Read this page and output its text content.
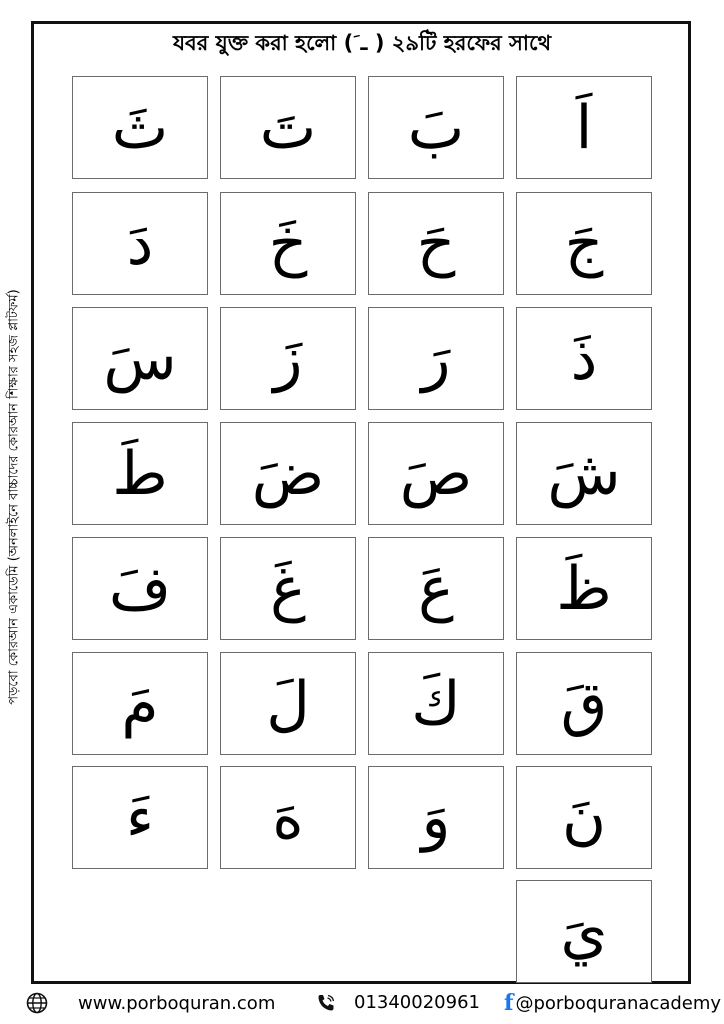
যবর যুক্ত করা হলো ( َـ ) ২৯টি হরফের সাথে
পড়বো কোরআন একাডেমি (অনলাইনে বাচ্চাদের কোরআন শিক্ষার সহজ প্লাটফর্ম)
ثَ تَ بَ اَ
دَ خَ حَ جَ
سَ زَ رَ ذَ
طَ ضَ صَ شَ
فَ غَ عَ ظَ
مَ لَ كَ قَ
ءَ هَ وَ نَ
يَ
www.porboquran.com	01340020961 f @porboquranacademy
